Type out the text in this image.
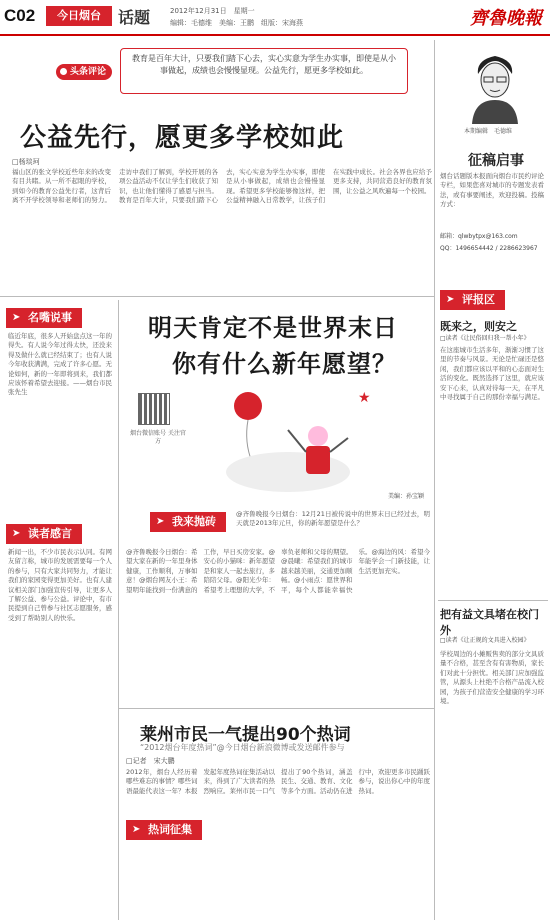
C02	今日烟台	话题	2012年12月31日　星期一
编辑：毛德维　美编：王鹏　组版：宋海燕	齊魯晚報
头条评论
教育是百年大计，只要我们踏下心去，实心实意为学生办实事，即使是从小事做起，成绩也会慢慢显现。公益先行，愿更多学校如此。
本期编辑　毛德维
公益先行，愿更多学校如此
□杨琰珂
福山区的张文学校近些年来的改变有目共睹。从一所不起眼的学校，到如今的教育公益先行者，这背后离不开学校领导和老师们的努力。走访中我们了解到，学校开展的各项公益活动不仅让学生们收获了知识，也让他们懂得了感恩与担当。教育是百年大计，只要我们踏下心去，实心实意为学生办实事，即使是从小事做起，成绩也会慢慢显现。希望更多学校能够像这样，把公益精神融入日常教学，让孩子们在实践中成长。社会各界也应给予更多支持，共同营造良好的教育氛围，让公益之风吹遍每一个校园。
➤ 名嘴说事
临近年底，很多人开始盘点这一年的得失。有人说今年过得太快，还没来得及做什么就已经结束了；也有人说今年收获满满，完成了许多心愿。无论如何，新的一年即将到来，我们都应该怀着希望去迎接。——烟台市民张先生
➤ 读者感言
新闻一出，不少市民表示认同。有网友留言称，城市的发展需要每一个人的参与，只有大家共同努力，才能让我们的家园变得更加美好。也有人建议相关部门加强宣传引导，让更多人了解公益、参与公益。评论中，有市民提到自己曾参与社区志愿服务，感受到了帮助别人的快乐。
明天肯定不是世界末日
你有什么新年愿望？
烟台微信账号 关注官方
★
美编：孙宝颖
➤ 我来抛砖
@齐鲁晚报今日烟台：12月21日被传说中的世界末日已经过去，明天就是2013年元旦，你的新年愿望是什么？
@齐鲁晚报今日烟台：希望大家在新的一年里身体健康，工作顺利，万事如意！@烟台网友小王：希望明年能找到一份满意的工作，早日买房安家。@安心的小猫咪：新年愿望是和家人一起去旅行，多陪陪父母。@阳光少年：希望考上理想的大学，不辜负老师和父母的期望。@晨曦：希望我们的城市越来越美丽，交通更加顺畅。@小雨点：愿世界和平，每个人都能幸福快乐。@海边的风：希望今年能学会一门新技能，让生活更加充实。
➤ 热词征集
莱州市民一气提出90个热词
“2012烟台年度热词”@今日烟台新浪微博或发送邮件参与
□记者　宋大鹏
2012年，烟台人经历着哪些难忘的事情？哪些词语最能代表这一年？本报发起年度热词征集活动以来，得到了广大读者的热烈响应。莱州市民一口气提出了90个热词，涵盖民生、交通、教育、文化等多个方面。活动仍在进行中，欢迎更多市民踊跃参与，说出你心中的年度热词。
征稿启事
烟台话题版本报面向烟台市民约评论专栏，如果您喜对城市的专题发表看法，或有事要阐述，欢迎投稿。投稿方式：
邮箱：qlwbytpx@163.com
QQ：1496654442 / 2286623967
➤ 评报区
既来之，则安之
□读者《让民俗回归我一帮小年》
在这座城市生活多年，渐渐习惯了这里的节奏与风景。无论是忙碌还是悠闲，我们都应该以平和的心态面对生活的变化。既然选择了这里，就应该安下心来，认真对待每一天，在平凡中寻找属于自己的那份幸福与满足。
把有益文具堵在校门外
□读者《让正规的文具进入校园》
学校周边的小摊贩售卖的部分文具质量不合格，甚至含有有害物质，家长们对此十分担忧。相关部门应加强监管，从源头上杜绝不合格产品流入校园，为孩子们营造安全健康的学习环境。
